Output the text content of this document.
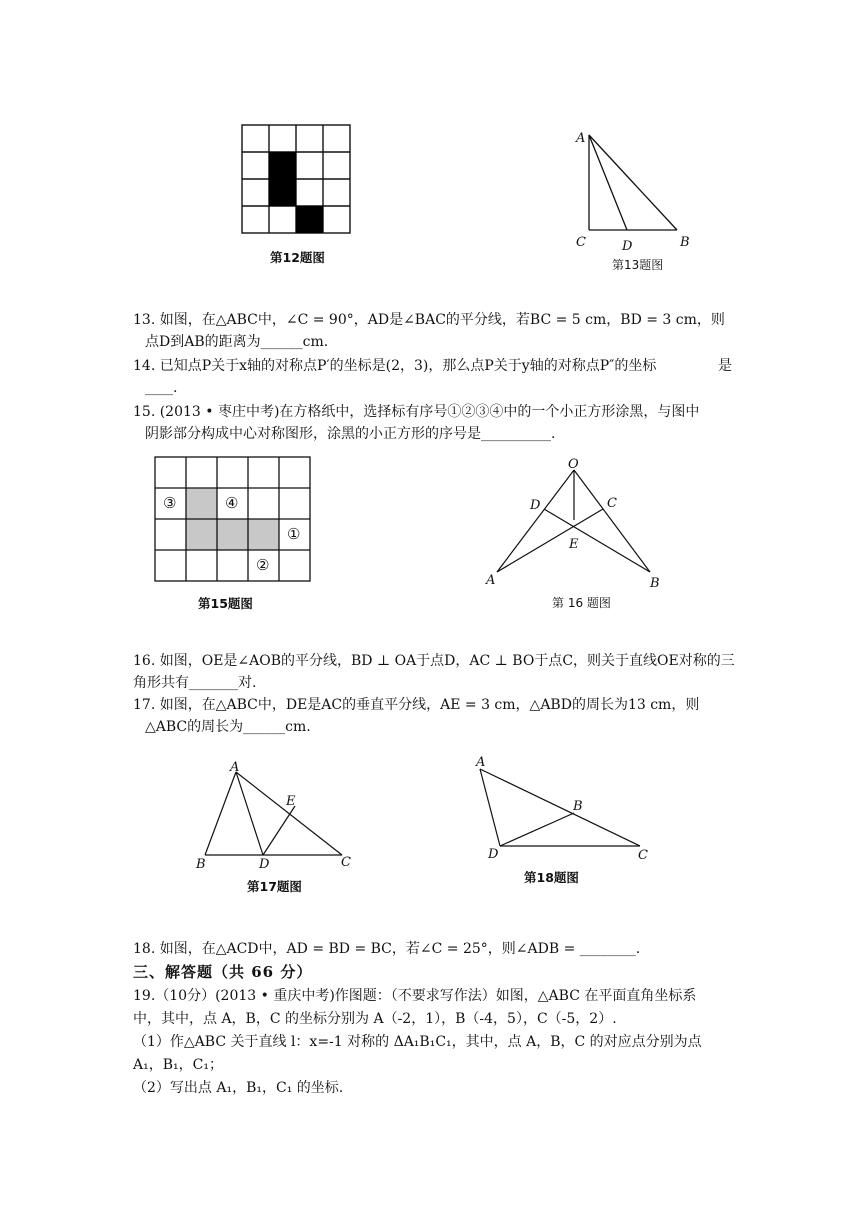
第12题图
A
C	D	B
第13题图
13. 如图，在△ABC中，∠C = 90°，AD是∠BAC的平分线，若BC = 5 cm，BD = 3 cm，则
点D到AB的距离为______cm.
14. 已知点P关于x轴的对称点P′的坐标是(2，3)，那么点P关于y轴的对称点P″的坐标	是
____.
15. (2013 • 枣庄中考)在方格纸中，选择标有序号①②③④中的一个小正方形涂黑，与图中
阴影部分构成中心对称图形，涂黑的小正方形的序号是__________.
③	④
①
②
第15题图
O
D	C
E
A	B
第 16 题图
16. 如图，OE是∠AOB的平分线，BD ⊥ OA于点D，AC ⊥ BO于点C，则关于直线OE对称的三
角形共有_______对.
17. 如图，在△ABC中，DE是AC的垂直平分线，AE = 3 cm，△ABD的周长为13 cm，则
△ABC的周长为______cm.
A
E
B	D	C
第17题图
A
B
D	C
第18题图
18. 如图，在△ACD中，AD = BD = BC，若∠C = 25°，则∠ADB = ________.
三、解答题（共 66 分）
19.（10分）(2013 • 重庆中考)作图题：（不要求写作法）如图，△ABC 在平面直角坐标系
中，其中，点 A，B，C 的坐标分别为 A（-2，1），B（-4，5），C（-5，2）.
（1）作△ABC 关于直线 l：x=-1 对称的 ΔA₁B₁C₁，其中，点 A，B，C 的对应点分别为点
A₁，B₁，C₁；
（2）写出点 A₁，B₁，C₁ 的坐标.
